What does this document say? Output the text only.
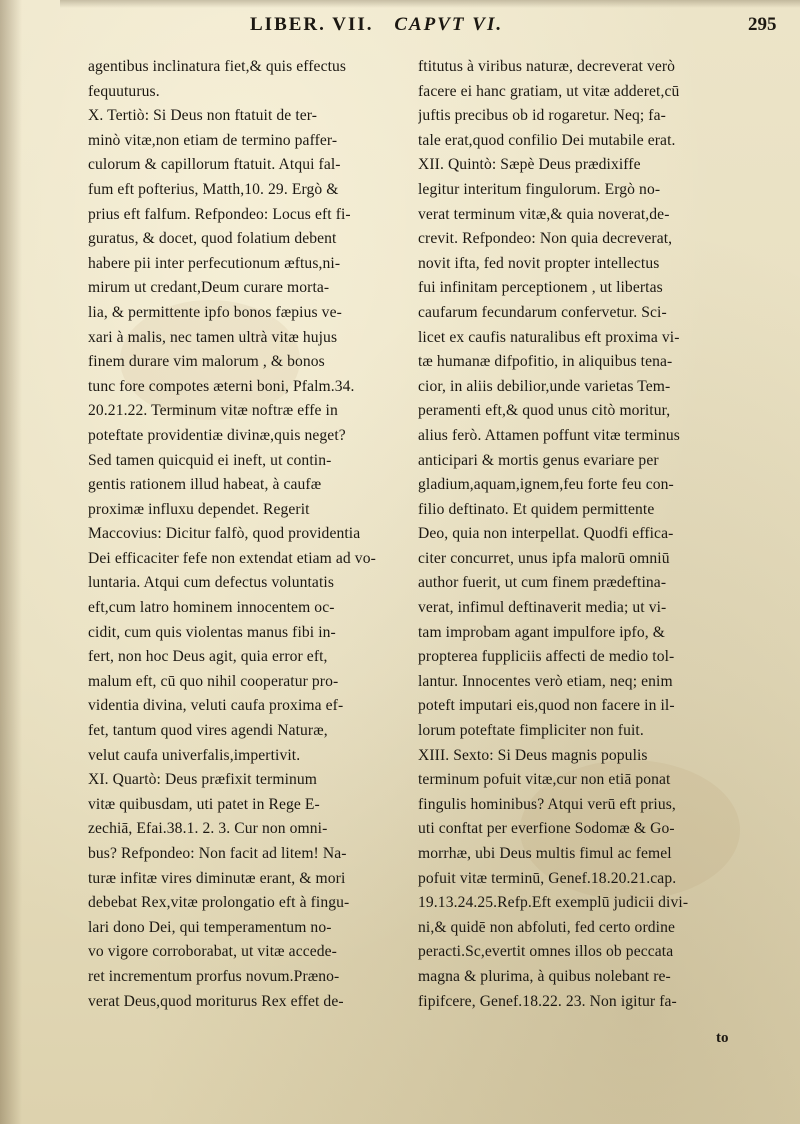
LIBER. VII. CAPVT VI.	295
agentibus inclinatura fiet,& quis effectus
fequuturus.
X. Tertiò: Si Deus non ftatuit de ter-
minò vitæ,non etiam de termino paffer-
culorum & capillorum ftatuit. Atqui fal-
fum eft pofterius, Matth,10. 29. Ergò &
prius eft falfum. Refpondeo: Locus eft fi-
guratus, & docet, quod folatium debent
habere pii inter perfecutionum æftus,ni-
mirum ut credant,Deum curare morta-
lia, & permittente ipfo bonos fæpius ve-
xari à malis, nec tamen ultrà vitæ hujus
finem durare vim malorum , & bonos
tunc fore compotes æterni boni, Pfalm.34.
20.21.22. Terminum vitæ noftræ effe in
poteftate providentiæ divinæ,quis neget?
Sed tamen quicquid ei ineft, ut contin-
gentis rationem illud habeat, à caufæ
proximæ influxu dependet. Regerit
Maccovius: Dicitur falfò, quod providentia
Dei efficaciter fefe non extendat etiam ad vo-
luntaria. Atqui cum defectus voluntatis
eft,cum latro hominem innocentem oc-
cidit, cum quis violentas manus fibi in-
fert, non hoc Deus agit, quia error eft,
malum eft, cū quo nihil cooperatur pro-
videntia divina, veluti caufa proxima ef-
fet, tantum quod vires agendi Naturæ,
velut caufa univerfalis,impertivit.
XI. Quartò: Deus præfixit terminum
vitæ quibusdam, uti patet in Rege E-
zechiā, Efai.38.1. 2. 3. Cur non omni-
bus? Refpondeo: Non facit ad litem! Na-
turæ infitæ vires diminutæ erant, & mori
debebat Rex,vitæ prolongatio eft à fingu-
lari dono Dei, qui temperamentum no-
vo vigore corroborabat, ut vitæ accede-
ret incrementum prorfus novum.Præno-
verat Deus,quod moriturus Rex effet de-
ftitutus à viribus naturæ, decreverat verò
facere ei hanc gratiam, ut vitæ adderet,cū
juftis precibus ob id rogaretur. Neq; fa-
tale erat,quod confilio Dei mutabile erat.
XII. Quintò: Sæpè Deus prædixiffe
legitur interitum fingulorum. Ergò no-
verat terminum vitæ,& quia noverat,de-
crevit. Refpondeo: Non quia decreverat,
novit ifta, fed novit propter intellectus
fui infinitam perceptionem , ut libertas
caufarum fecundarum confervetur. Sci-
licet ex caufis naturalibus eft proxima vi-
tæ humanæ difpofitio, in aliquibus tena-
cior, in aliis debilior,unde varietas Tem-
peramenti eft,& quod unus citò moritur,
alius ferò. Attamen poffunt vitæ terminus
anticipari & mortis genus evariare per
gladium,aquam,ignem,feu forte feu con-
filio deftinato. Et quidem permittente
Deo, quia non interpellat. Quodfi effica-
citer concurret, unus ipfa malorū omniū
author fuerit, ut cum finem prædeftina-
verat, infimul deftinaverit media; ut vi-
tam improbam agant impulfore ipfo, &
propterea fuppliciis affecti de medio tol-
lantur. Innocentes verò etiam, neq; enim
poteft imputari eis,quod non facere in il-
lorum poteftate fimpliciter non fuit.
XIII. Sexto: Si Deus magnis populis
terminum pofuit vitæ,cur non etiā ponat
fingulis hominibus? Atqui verū eft prius,
uti conftat per everfione Sodomæ & Go-
morrhæ, ubi Deus multis fimul ac femel
pofuit vitæ terminū, Genef.18.20.21.cap.
19.13.24.25.Refp.Eft exemplū judicii divi-
ni,& quidē non abfoluti, fed certo ordine
peracti.Sc,evertit omnes illos ob peccata
magna & plurima, à quibus nolebant re-
fipifcere, Genef.18.22. 23. Non igitur fa-
to
